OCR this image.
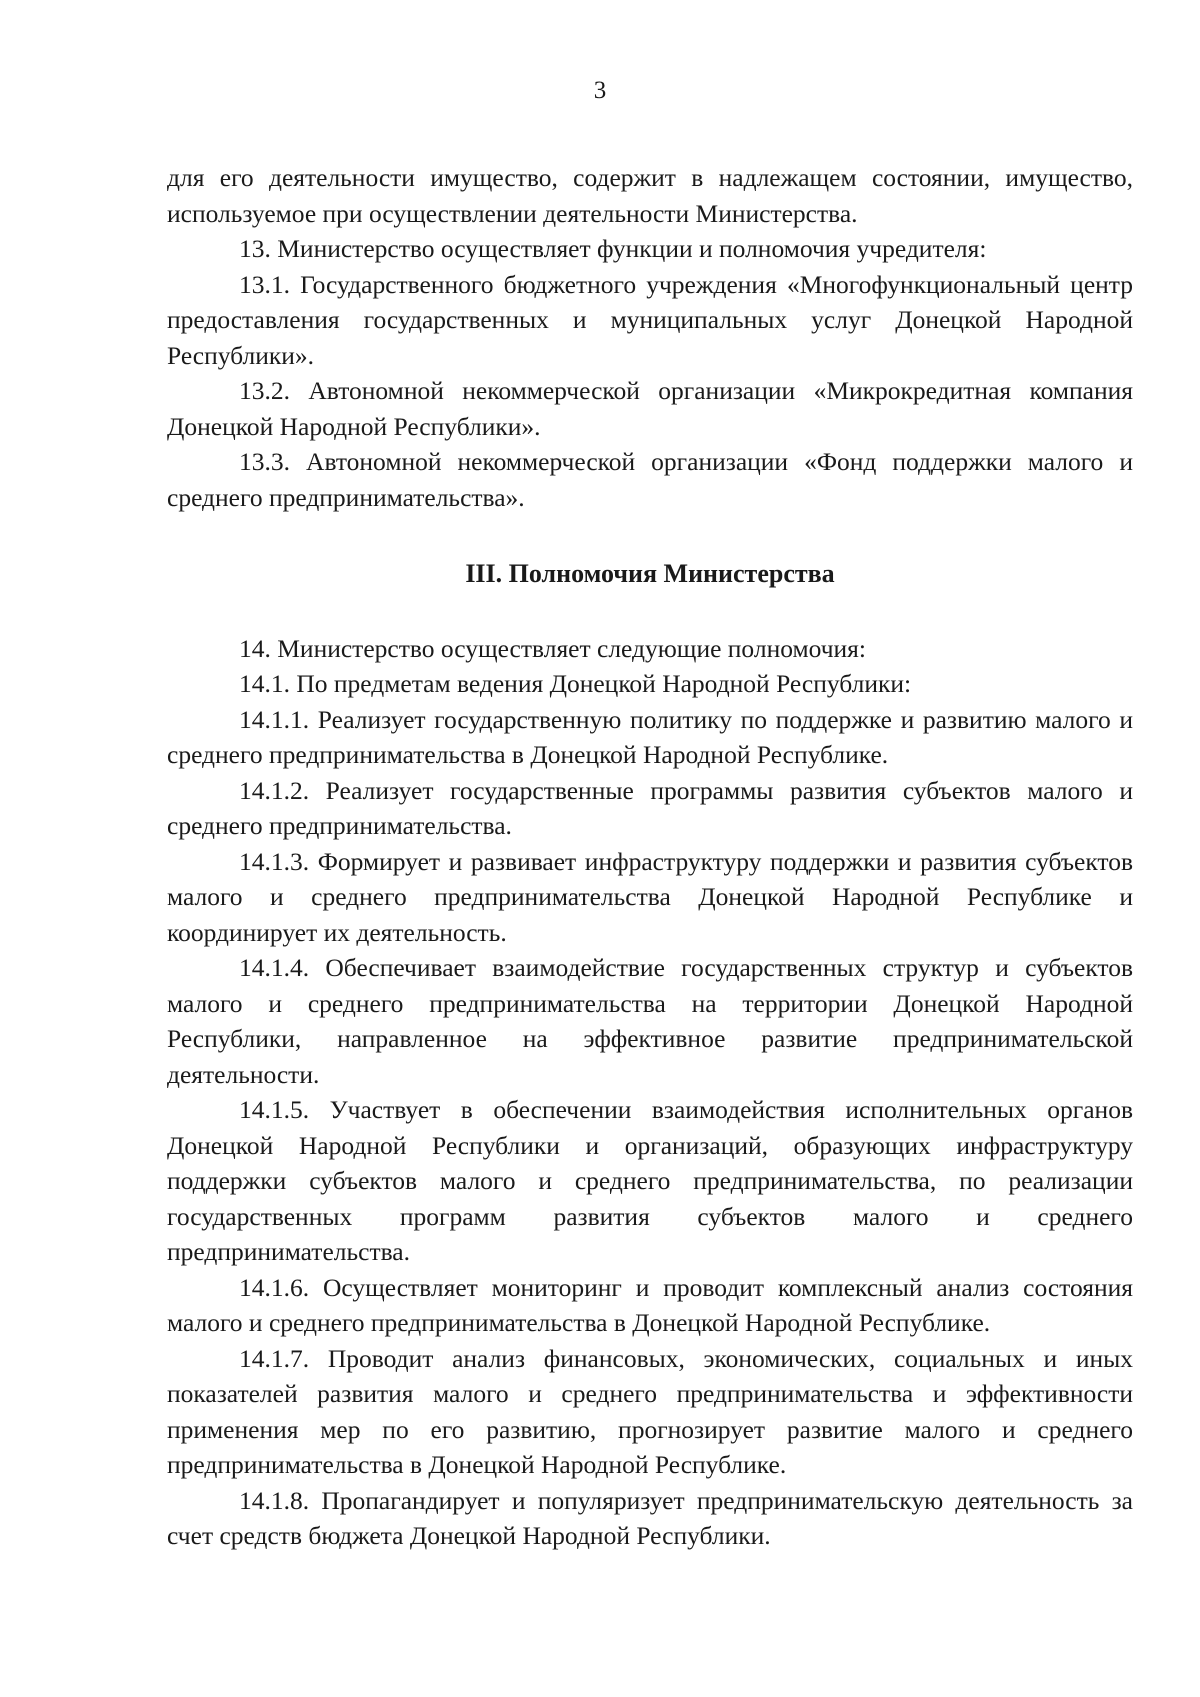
3

для его деятельности имущество, содержит в надлежащем состоянии, имущество, используемое при осуществлении деятельности Министерства.

13. Министерство осуществляет функции и полномочия учредителя:

13.1. Государственного бюджетного учреждения «Многофункциональный центр предоставления государственных и муниципальных услуг Донецкой Народной Республики».

13.2. Автономной некоммерческой организации «Микрокредитная компания Донецкой Народной Республики».

13.3. Автономной некоммерческой организации «Фонд поддержки малого и среднего предпринимательства».

III. Полномочия Министерства

14. Министерство осуществляет следующие полномочия:

14.1. По предметам ведения Донецкой Народной Республики:

14.1.1. Реализует государственную политику по поддержке и развитию малого и среднего предпринимательства в Донецкой Народной Республике.

14.1.2. Реализует государственные программы развития субъектов малого и среднего предпринимательства.

14.1.3. Формирует и развивает инфраструктуру поддержки и развития субъектов малого и среднего предпринимательства Донецкой Народной Республике и координирует их деятельность.

14.1.4. Обеспечивает взаимодействие государственных структур и субъектов малого и среднего предпринимательства на территории Донецкой Народной Республики, направленное на эффективное развитие предпринимательской деятельности.

14.1.5. Участвует в обеспечении взаимодействия исполнительных органов Донецкой Народной Республики и организаций, образующих инфраструктуру поддержки субъектов малого и среднего предпринимательства, по реализации государственных программ развития субъектов малого и среднего предпринимательства.

14.1.6. Осуществляет мониторинг и проводит комплексный анализ состояния малого и среднего предпринимательства в Донецкой Народной Республике.

14.1.7. Проводит анализ финансовых, экономических, социальных и иных показателей развития малого и среднего предпринимательства и эффективности применения мер по его развитию, прогнозирует развитие малого и среднего предпринимательства в Донецкой Народной Республике.

14.1.8. Пропагандирует и популяризует предпринимательскую деятельность за счет средств бюджета Донецкой Народной Республики.
